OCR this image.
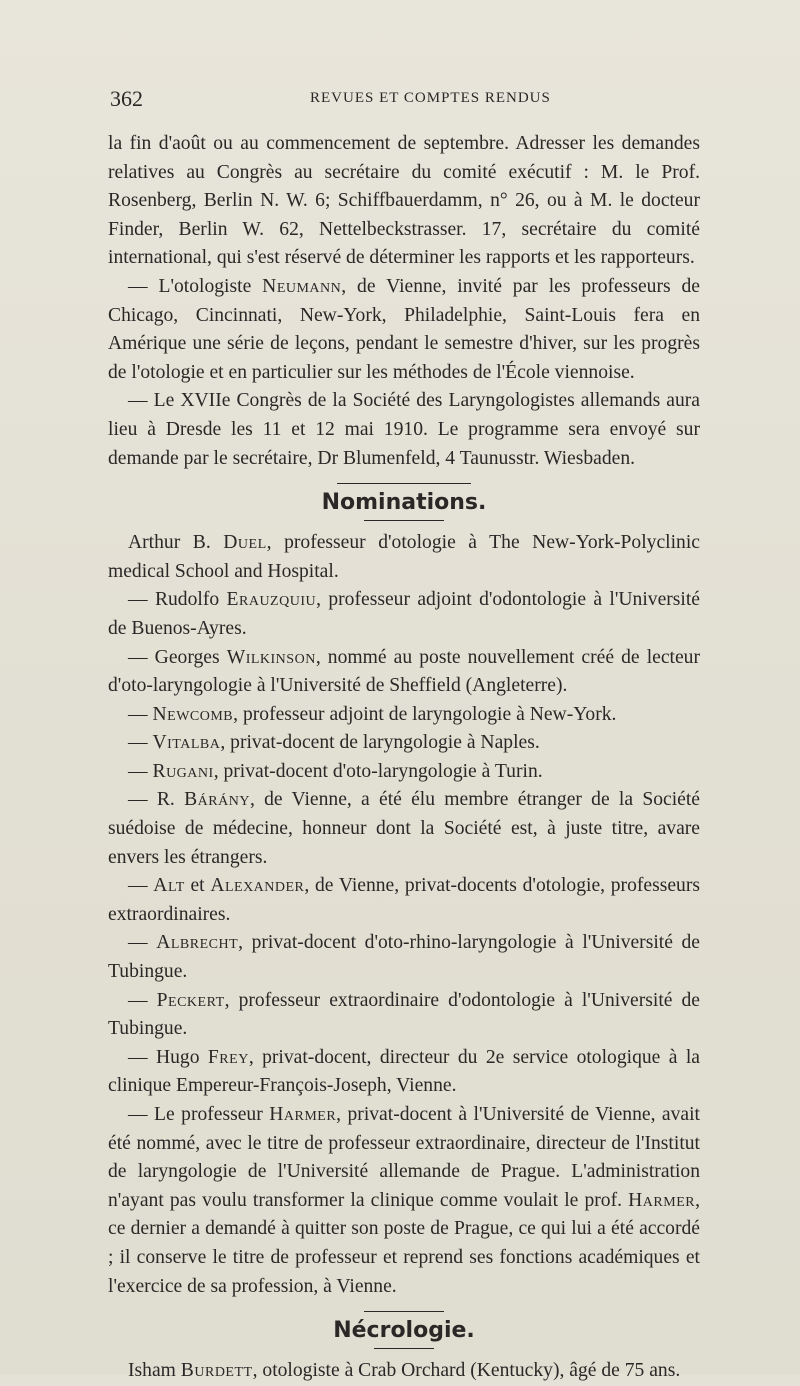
362	REVUES ET COMPTES RENDUS

la fin d'août ou au commencement de septembre. Adresser les demandes relatives au Congrès au secrétaire du comité exécutif : M. le Prof. Rosenberg, Berlin N. W. 6; Schiffbauerdamm, n° 26, ou à M. le docteur Finder, Berlin W. 62, Nettelbeckstrasser. 17, secrétaire du comité international, qui s'est réservé de déterminer les rapports et les rapporteurs.

— L'otologiste Neumann, de Vienne, invité par les professeurs de Chicago, Cincinnati, New-York, Philadelphie, Saint-Louis fera en Amérique une série de leçons, pendant le semestre d'hiver, sur les progrès de l'otologie et en particulier sur les méthodes de l'École viennoise.

— Le XVIIe Congrès de la Société des Laryngologistes allemands aura lieu à Dresde les 11 et 12 mai 1910. Le programme sera envoyé sur demande par le secrétaire, Dr Blumenfeld, 4 Taunusstr. Wiesbaden.

Nominations.

Arthur B. Duel, professeur d'otologie à The New-York-Polyclinic medical School and Hospital.

— Rudolfo Erauzquiu, professeur adjoint d'odontologie à l'Université de Buenos-Ayres.

— Georges Wilkinson, nommé au poste nouvellement créé de lecteur d'oto-laryngologie à l'Université de Sheffield (Angleterre).

— Newcomb, professeur adjoint de laryngologie à New-York.

— Vitalba, privat-docent de laryngologie à Naples.

— Rugani, privat-docent d'oto-laryngologie à Turin.

— R. Bárány, de Vienne, a été élu membre étranger de la Société suédoise de médecine, honneur dont la Société est, à juste titre, avare envers les étrangers.

— Alt et Alexander, de Vienne, privat-docents d'otologie, professeurs extraordinaires.

— Albrecht, privat-docent d'oto-rhino-laryngologie à l'Université de Tubingue.

— Peckert, professeur extraordinaire d'odontologie à l'Université de Tubingue.

— Hugo Frey, privat-docent, directeur du 2e service otologique à la clinique Empereur-François-Joseph, Vienne.

— Le professeur Harmer, privat-docent à l'Université de Vienne, avait été nommé, avec le titre de professeur extraordinaire, directeur de l'Institut de laryngologie de l'Université allemande de Prague. L'administration n'ayant pas voulu transformer la clinique comme voulait le prof. Harmer, ce dernier a demandé à quitter son poste de Prague, ce qui lui a été accordé ; il conserve le titre de professeur et reprend ses fonctions académiques et l'exercice de sa profession, à Vienne.

Nécrologie.

Isham Burdett, otologiste à Crab Orchard (Kentucky), âgé de 75 ans.
